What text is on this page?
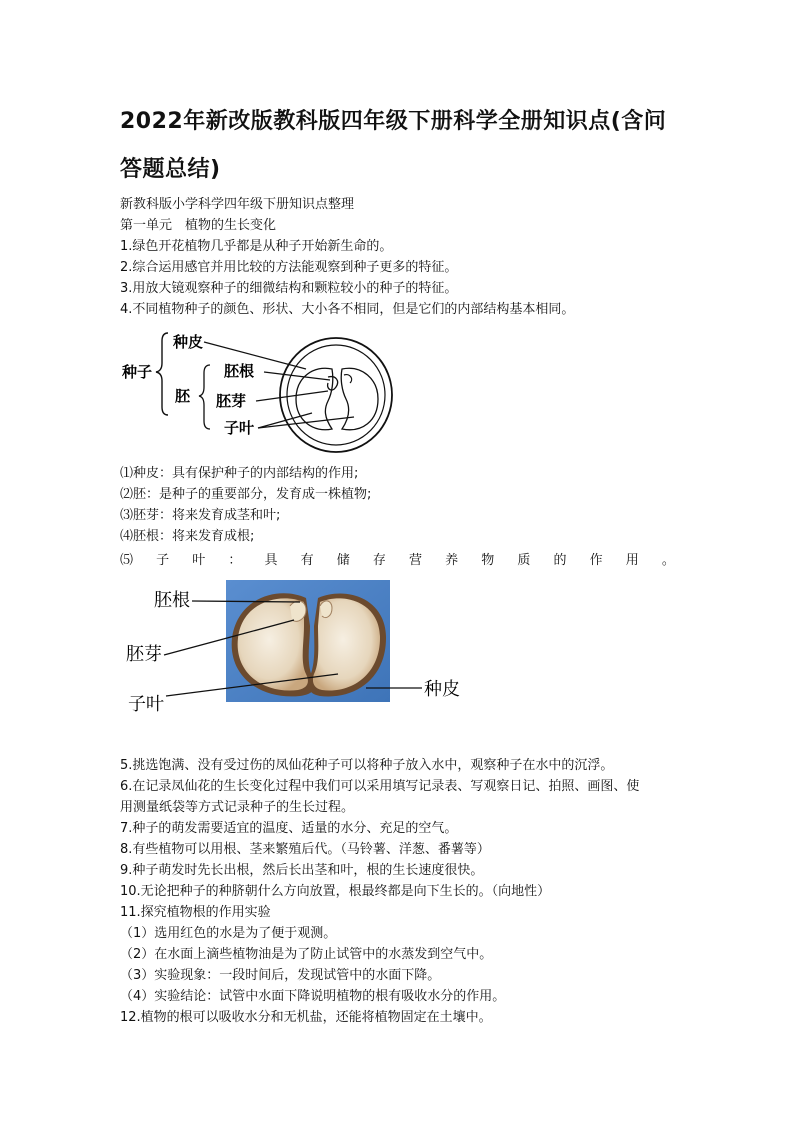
2022年新改版教科版四年级下册科学全册知识点(含问答题总结)
新教科版小学科学四年级下册知识点整理
第一单元　植物的生长变化
1.绿色开花植物几乎都是从种子开始新生命的。
2.综合运用感官并用比较的方法能观察到种子更多的特征。
3.用放大镜观察种子的细微结构和颗粒较小的种子的特征。
4.不同植物种子的颜色、形状、大小各不相同，但是它们的内部结构基本相同。
种子
种皮
胚
胚根
胚芽
子叶
⑴种皮：具有保护种子的内部结构的作用;
⑵胚：是种子的重要部分，发育成一株植物;
⑶胚芽：将来发育成茎和叶;
⑷胚根：将来发育成根;
⑸ 子 叶 ： 具 有 储 存 营 养 物 质 的 作 用 。
胚根
胚芽
子叶
种皮
5.挑选饱满、没有受过伤的凤仙花种子可以将种子放入水中，观察种子在水中的沉浮。
6.在记录凤仙花的生长变化过程中我们可以采用填写记录表、写观察日记、拍照、画图、使
用测量纸袋等方式记录种子的生长过程。
7.种子的萌发需要适宜的温度、适量的水分、充足的空气。
8.有些植物可以用根、茎来繁殖后代。（马铃薯、洋葱、番薯等）
9.种子萌发时先长出根，然后长出茎和叶，根的生长速度很快。
10.无论把种子的种脐朝什么方向放置，根最终都是向下生长的。（向地性）
11.探究植物根的作用实验
（1）选用红色的水是为了便于观测。
（2）在水面上滴些植物油是为了防止试管中的水蒸发到空气中。
（3）实验现象：一段时间后，发现试管中的水面下降。
（4）实验结论：试管中水面下降说明植物的根有吸收水分的作用。
12.植物的根可以吸收水分和无机盐，还能将植物固定在土壤中。
